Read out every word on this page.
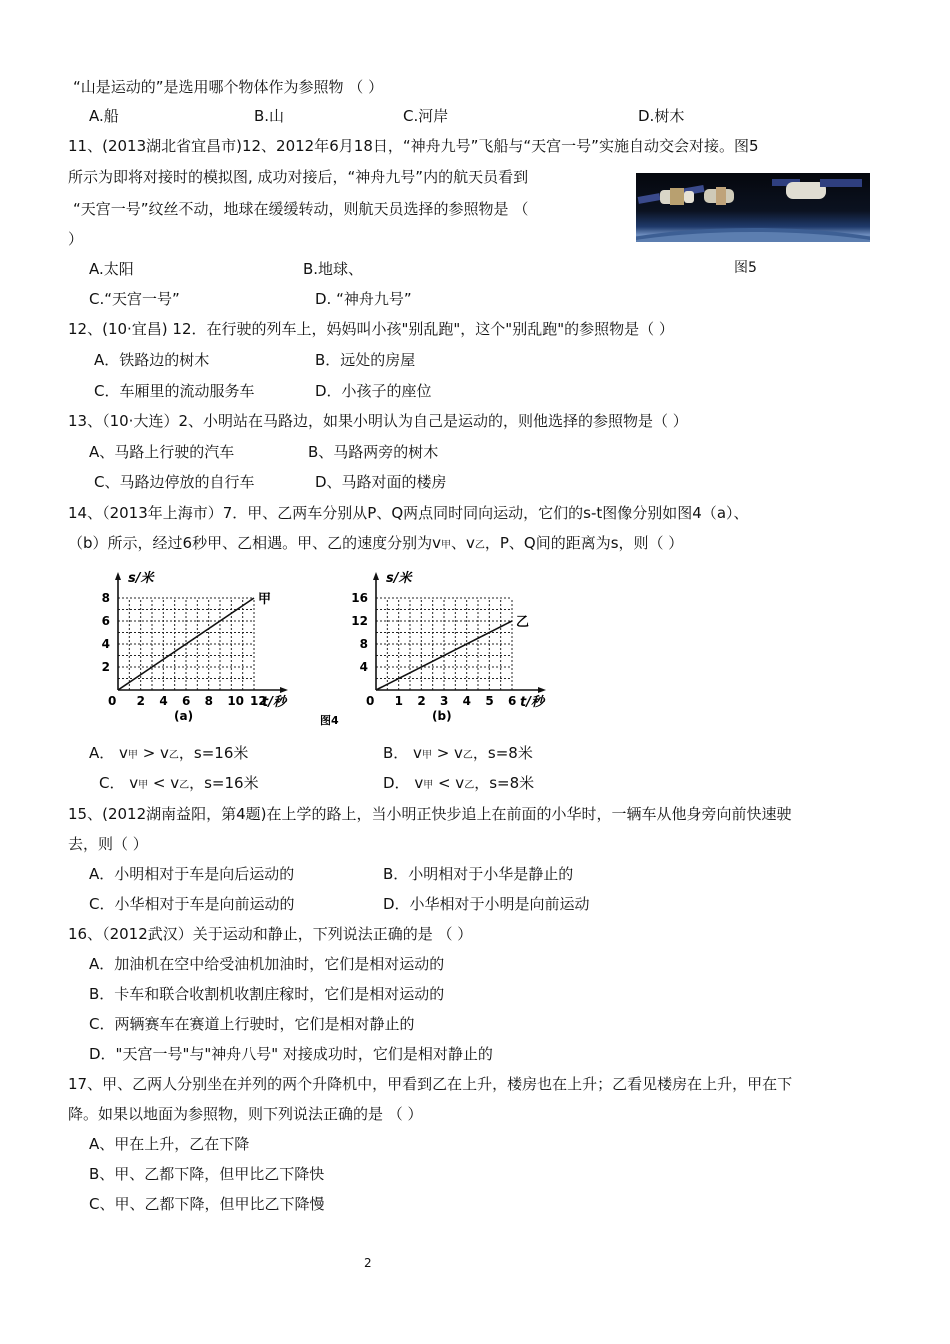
“山是运动的”是选用哪个物体作为参照物 （ ）
A.船	B.山	C.河岸	D.树木
11、(2013湖北省宜昌市)12、2012年6月18日，“神舟九号”飞船与“天宫一号”实施自动交会对接。图5
所示为即将对接时的模拟图, 成功对接后，“神舟九号”内的航天员看到
“天宫一号”纹丝不动，地球在缓缓转动，则航天员选择的参照物是 （
）
图5
A.太阳	B.地球、
C.“天宫一号”	D. “神舟九号”
12、(10·宜昌) 12．在行驶的列车上，妈妈叫小孩"别乱跑"，这个"别乱跑"的参照物是（ ）
A．铁路边的树木	B．远处的房屋
C．车厢里的流动服务车	D．小孩子的座位
13、（10·大连）2、小明站在马路边，如果小明认为自己是运动的，则他选择的参照物是（ ）
A、马路上行驶的汽车	B、马路两旁的树木
C、马路边停放的自行车	D、马路对面的楼房
14、（2013年上海市）7．甲、乙两车分别从P、Q两点同时同向运动，它们的s-t图像分别如图4（a）、
（b）所示，经过6秒甲、乙相遇。甲、乙的速度分别为v甲、v乙，P、Q间的距离为s，则（ ）
s/米
t/秒
0 2 4 6 8 10 12
2
4
6
8	甲
(a)
s/米
t/秒
0 1 2 3 4 5 6
4
8
12
16
乙
(b)
图4
A． v甲 > v乙，s=16米	B． v甲 > v乙，s=8米
C． v甲 < v乙，s=16米	D． v甲 < v乙，s=8米
15、(2012湖南益阳，第4题)在上学的路上，当小明正快步追上在前面的小华时，一辆车从他身旁向前快速驶
去，则（ ）
A．小明相对于车是向后运动的	B．小明相对于小华是静止的
C．小华相对于车是向前运动的	D．小华相对于小明是向前运动
16、（2012武汉）关于运动和静止，下列说法正确的是 （ ）
A．加油机在空中给受油机加油时，它们是相对运动的
B．卡车和联合收割机收割庄稼时，它们是相对运动的
C．两辆赛车在赛道上行驶时，它们是相对静止的
D．"天宫一号"与"神舟八号" 对接成功时，它们是相对静止的
17、甲、乙两人分别坐在并列的两个升降机中，甲看到乙在上升，楼房也在上升；乙看见楼房在上升，甲在下
降。如果以地面为参照物，则下列说法正确的是 （ ）
A、甲在上升，乙在下降
B、甲、乙都下降，但甲比乙下降快
C、甲、乙都下降，但甲比乙下降慢
2
